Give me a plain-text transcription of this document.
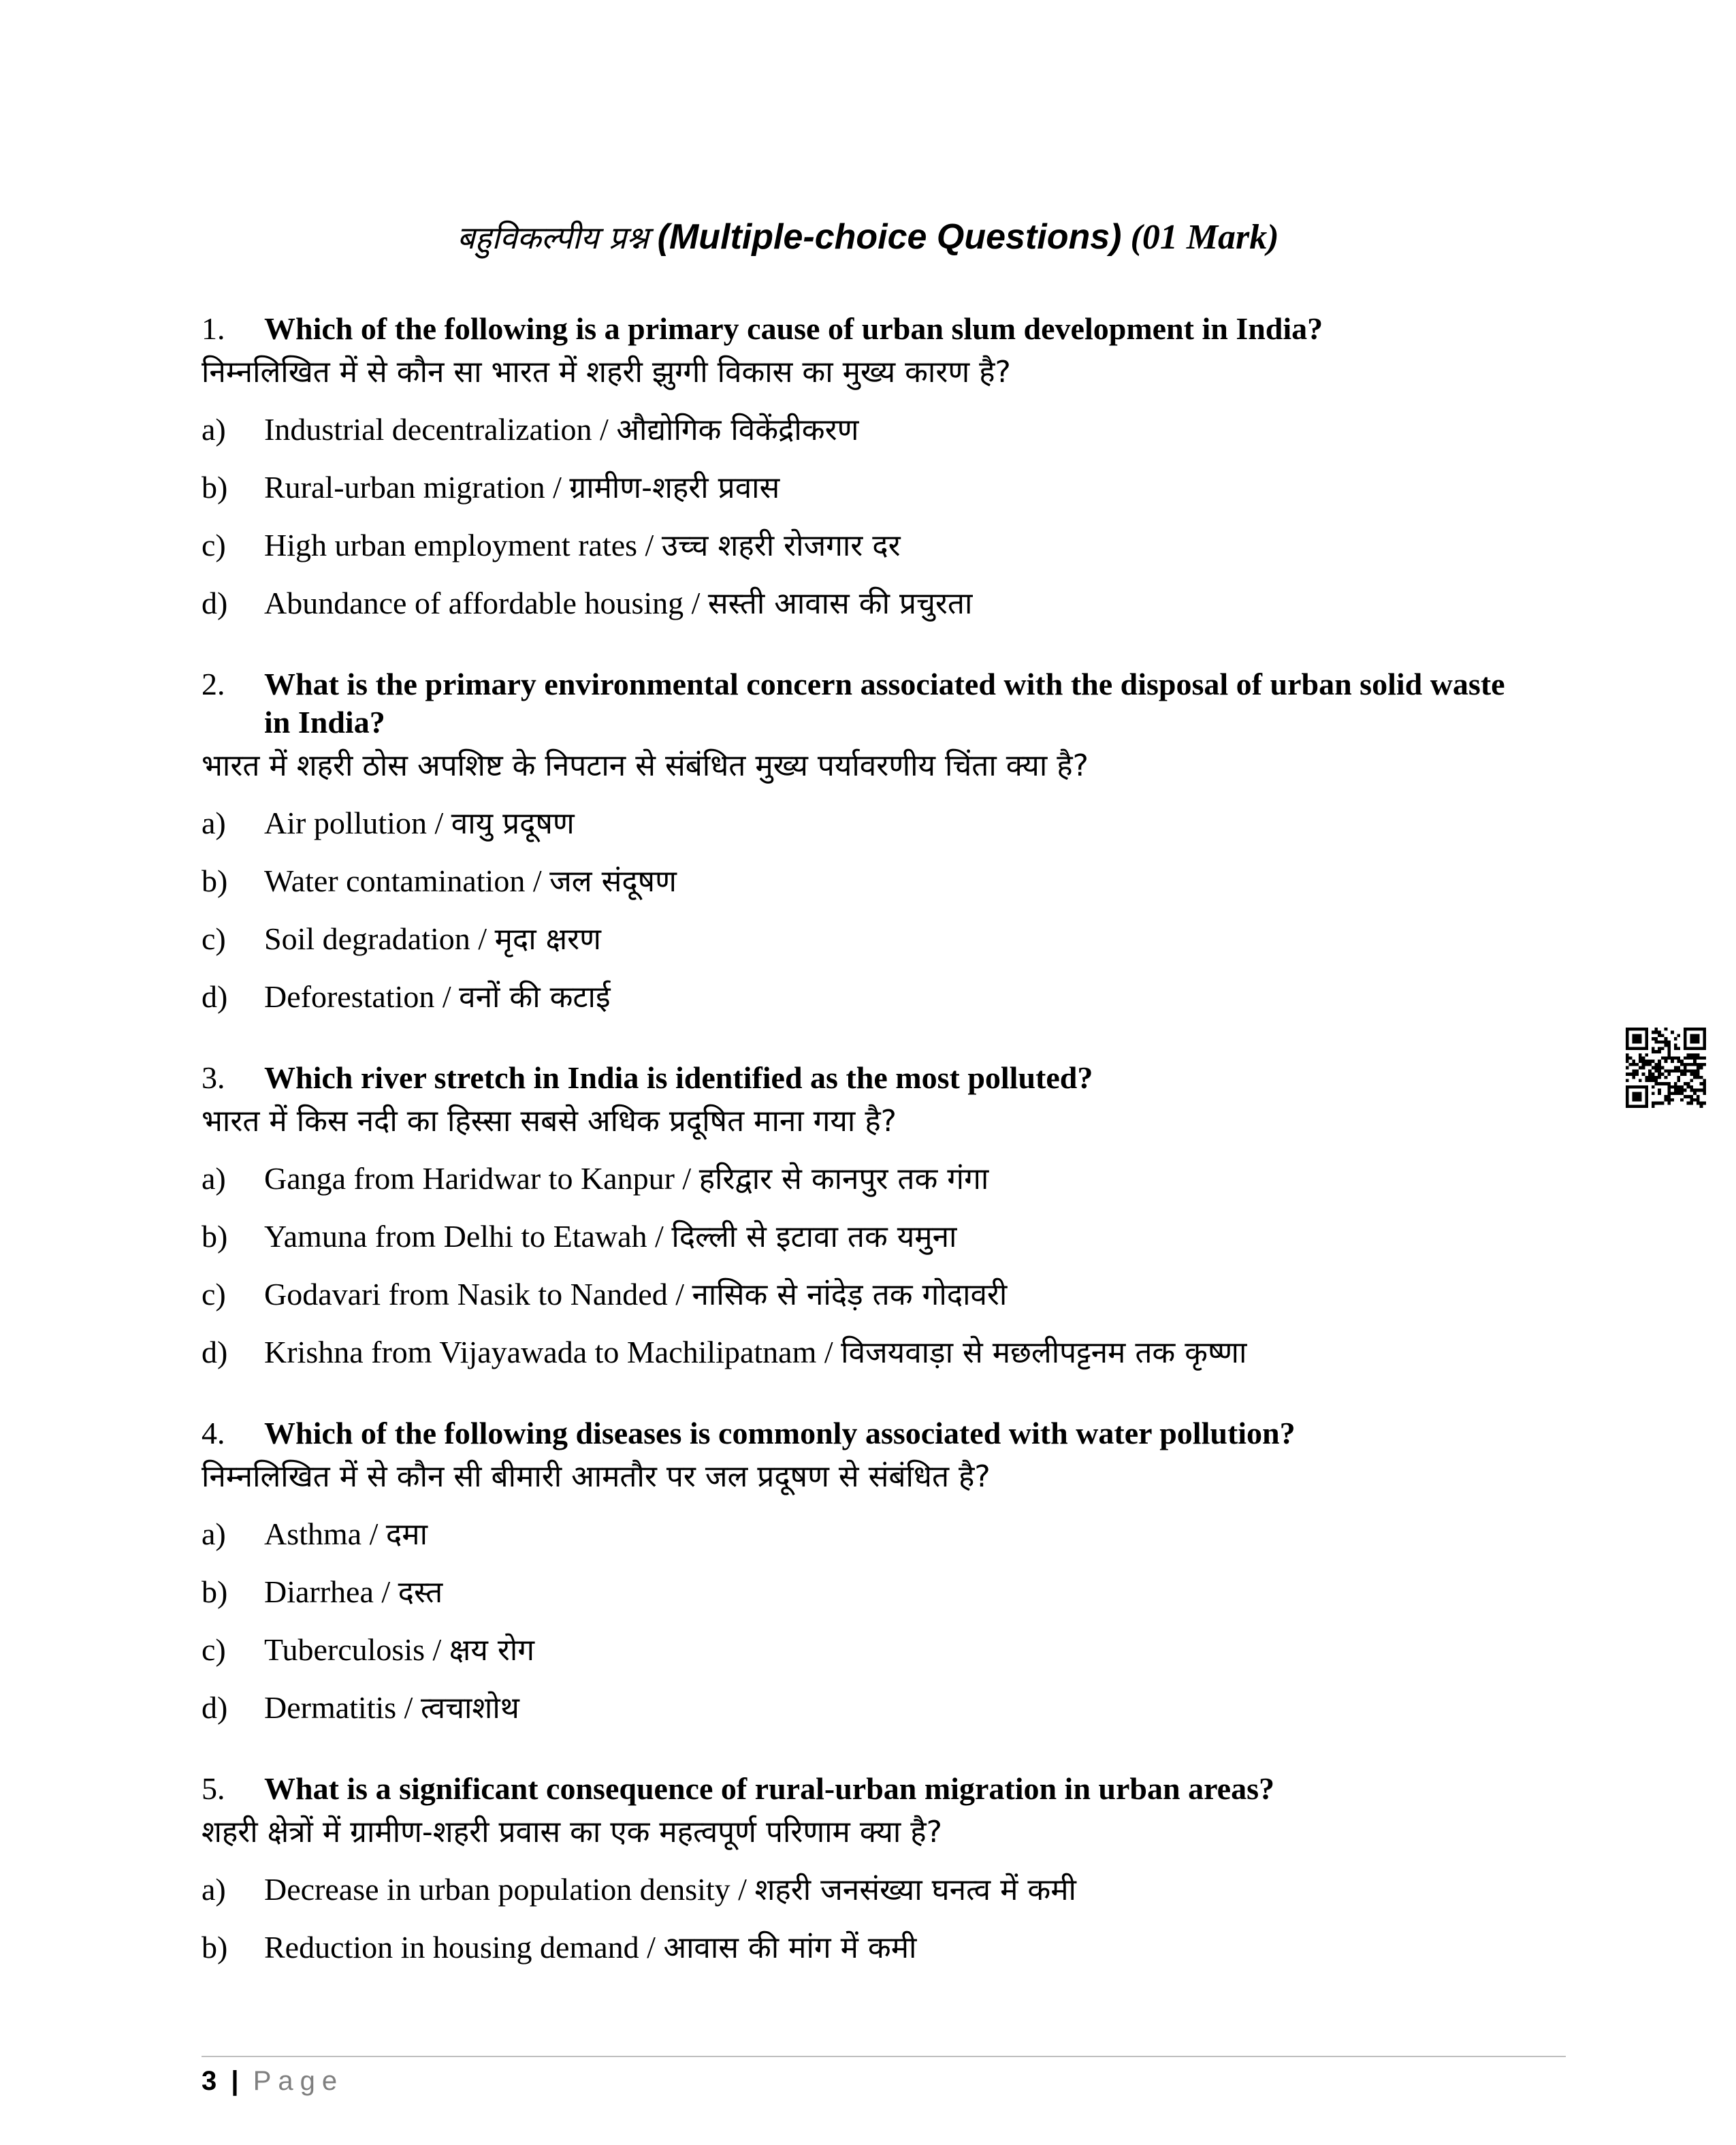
बहुविकल्पीय प्रश्न (Multiple-choice Questions) (01 Mark)
1.	Which of the following is a primary cause of urban slum development in India?
निम्नलिखित में से कौन सा भारत में शहरी झुग्गी विकास का मुख्य कारण है?
a)	Industrial decentralization / औद्योगिक विकेंद्रीकरण
b)	Rural-urban migration / ग्रामीण-शहरी प्रवास
c)	High urban employment rates / उच्च शहरी रोजगार दर
d)	Abundance of affordable housing / सस्ती आवास की प्रचुरता
2.	What is the primary environmental concern associated with the disposal of urban solid waste in India?
भारत में शहरी ठोस अपशिष्ट के निपटान से संबंधित मुख्य पर्यावरणीय चिंता क्या है?
a)	Air pollution / वायु प्रदूषण
b)	Water contamination / जल संदूषण
c)	Soil degradation / मृदा क्षरण
d)	Deforestation / वनों की कटाई
3.	Which river stretch in India is identified as the most polluted?
भारत में किस नदी का हिस्सा सबसे अधिक प्रदूषित माना गया है?
a)	Ganga from Haridwar to Kanpur / हरिद्वार से कानपुर तक गंगा
b)	Yamuna from Delhi to Etawah / दिल्ली से इटावा तक यमुना
c)	Godavari from Nasik to Nanded / नासिक से नांदेड़ तक गोदावरी
d)	Krishna from Vijayawada to Machilipatnam / विजयवाड़ा से मछलीपट्टनम तक कृष्णा
4.	Which of the following diseases is commonly associated with water pollution?
निम्नलिखित में से कौन सी बीमारी आमतौर पर जल प्रदूषण से संबंधित है?
a)	Asthma / दमा
b)	Diarrhea / दस्त
c)	Tuberculosis / क्षय रोग
d)	Dermatitis / त्वचाशोथ
5.	What is a significant consequence of rural-urban migration in urban areas?
शहरी क्षेत्रों में ग्रामीण-शहरी प्रवास का एक महत्वपूर्ण परिणाम क्या है?
a)	Decrease in urban population density / शहरी जनसंख्या घनत्व में कमी
b)	Reduction in housing demand / आवास की मांग में कमी
3 | Page
